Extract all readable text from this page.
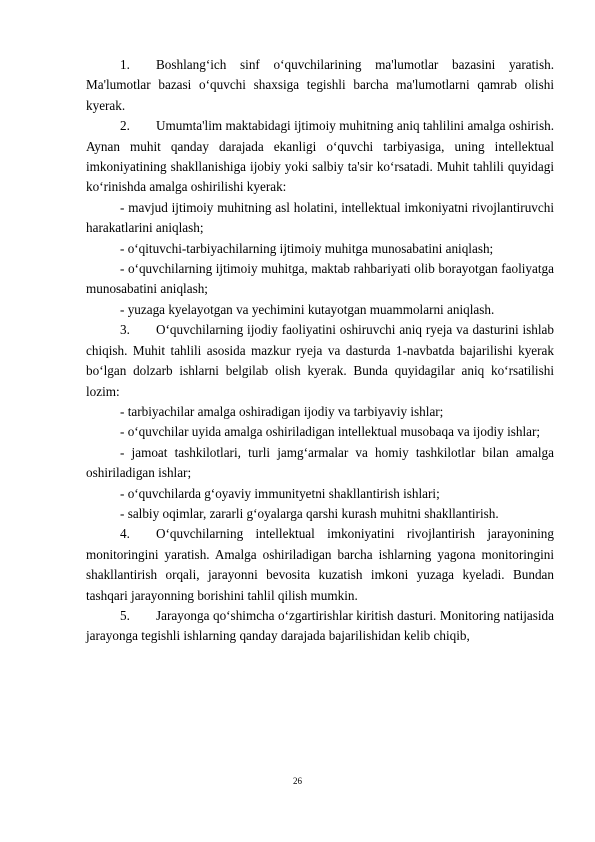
1. Boshlang‘ich sinf o‘quvchilarining ma'lumotlar bazasini yaratish. Ma'lumotlar bazasi o‘quvchi shaxsiga tegishli barcha ma'lumotlarni qamrab olishi kyerak.

2. Umumta'lim maktabidagi ijtimoiy muhitning aniq tahlilini amalga oshirish. Aynan muhit qanday darajada ekanligi o‘quvchi tarbiyasiga, uning intellektual imkoniyatining shakllanishiga ijobiy yoki salbiy ta'sir ko‘rsatadi. Muhit tahlili quyidagi ko‘rinishda amalga oshirilishi kyerak:

- mavjud ijtimoiy muhitning asl holatini, intellektual imkoniyatni rivojlantiruvchi harakatlarini aniqlash;

- o‘qituvchi-tarbiyachilarning ijtimoiy muhitga munosabatini aniqlash;

- o‘quvchilarning ijtimoiy muhitga, maktab rahbariyati olib borayotgan faoliyatga munosabatini aniqlash;

- yuzaga kyelayotgan va yechimini kutayotgan muammolarni aniqlash.

3. O‘quvchilarning ijodiy faoliyatini oshiruvchi aniq ryeja va dasturini ishlab chiqish. Muhit tahlili asosida mazkur ryeja va dasturda 1-navbatda bajarilishi kyerak bo‘lgan dolzarb ishlarni belgilab olish kyerak. Bunda quyidagilar aniq ko‘rsatilishi lozim:

- tarbiyachilar amalga oshiradigan ijodiy va tarbiyaviy ishlar;

- o‘quvchilar uyida amalga oshiriladigan intellektual musobaqa va ijodiy ishlar;

- jamoat tashkilotlari, turli jamg‘armalar va homiy tashkilotlar bilan amalga oshiriladigan ishlar;

- o‘quvchilarda g‘oyaviy immunityetni shakllantirish ishlari;

- salbiy oqimlar, zararli g‘oyalarga qarshi kurash muhitni shakllantirish.

4. O‘quvchilarning intellektual imkoniyatini rivojlantirish jarayonining monitoringini yaratish. Amalga oshiriladigan barcha ishlarning yagona monitoringini shakllantirish orqali, jarayonni bevosita kuzatish imkoni yuzaga kyeladi. Bundan tashqari jarayonning borishini tahlil qilish mumkin.

5. Jarayonga qo‘shimcha o‘zgartirishlar kiritish dasturi. Monitoring natijasida jarayonga tegishli ishlarning qanday darajada bajarilishidan kelib chiqib,

26
